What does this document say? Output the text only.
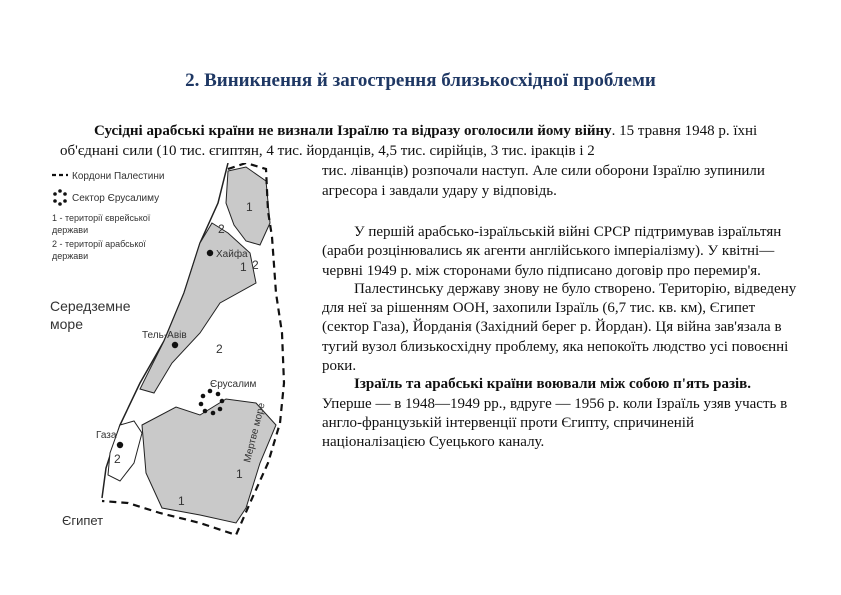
2. Виникнення й загострення близькосхідної проблеми
Сусідні арабські країни не визнали Ізраїлю та відразу оголосили йому війну. 15 травня 1948 р. їхні об'єднані сили (10 тис. єгиптян, 4 тис. йорданців, 4,5 тис. сирійців, 3 тис. іракців і 2
тис. ліванців) розпочали наступ. Але сили оборони Ізраїлю зупинили агресора і завдали удару у відповідь.

У першій арабсько-ізраїльській війні СРСР підтримував ізраїльтян (араби розцінювались як агенти англійського імперіалізму). У квітні—червні 1949 р. між сторонами було підписано договір про перемир'я.

Палестинську державу знову не було створено. Територію, відведену для неї за рішенням ООН, захопили Ізраїль (6,7 тис. кв. км), Єгипет (сектор Газа), Йорданія (Західний берег р. Йордан). Ця війна зав'язала в тугий вузол близькосхідну проблему, яка непокоїть людство усі повоєнні роки.

Ізраїль та арабські країни воювали між собою п'ять разів. Уперше — в 1948—1949 рр., вдруге — 1956 р. коли Ізраїль узяв участь в англо-французькій інтервенції проти Єгипту, спричиненій націоналізацією Суецького каналу.

Кордони Палестини
Сектор Єрусалиму
1 - території єврейської
держави
2 - території арабської
держави
Середземне
море
Хайфа
Тель-Авів
Єрусалим
Газа
Єгипет
Мертве море
1
2
1 2
2
2
1
1
